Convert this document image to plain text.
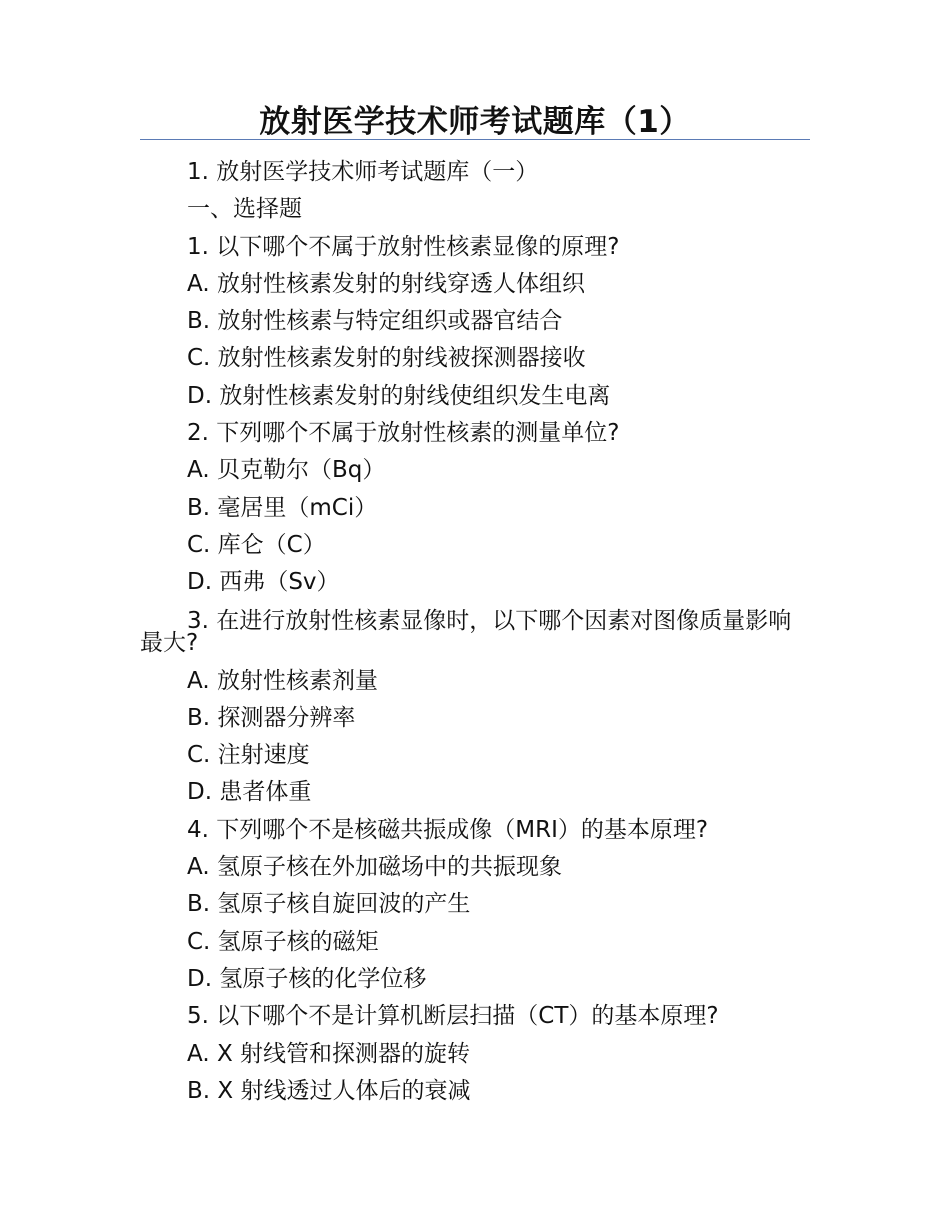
放射医学技术师考试题库（1）
1. 放射医学技术师考试题库（一）
一、选择题
1. 以下哪个不属于放射性核素显像的原理?
A. 放射性核素发射的射线穿透人体组织
B. 放射性核素与特定组织或器官结合
C. 放射性核素发射的射线被探测器接收
D. 放射性核素发射的射线使组织发生电离
2. 下列哪个不属于放射性核素的测量单位?
A. 贝克勒尔（Bq）
B. 毫居里（mCi）
C. 库仑（C）
D. 西弗（Sv）
3. 在进行放射性核素显像时，以下哪个因素对图像质量影响最大?
A. 放射性核素剂量
B. 探测器分辨率
C. 注射速度
D. 患者体重
4. 下列哪个不是核磁共振成像（MRI）的基本原理?
A. 氢原子核在外加磁场中的共振现象
B. 氢原子核自旋回波的产生
C. 氢原子核的磁矩
D. 氢原子核的化学位移
5. 以下哪个不是计算机断层扫描（CT）的基本原理?
A. X 射线管和探测器的旋转
B. X 射线透过人体后的衰减
